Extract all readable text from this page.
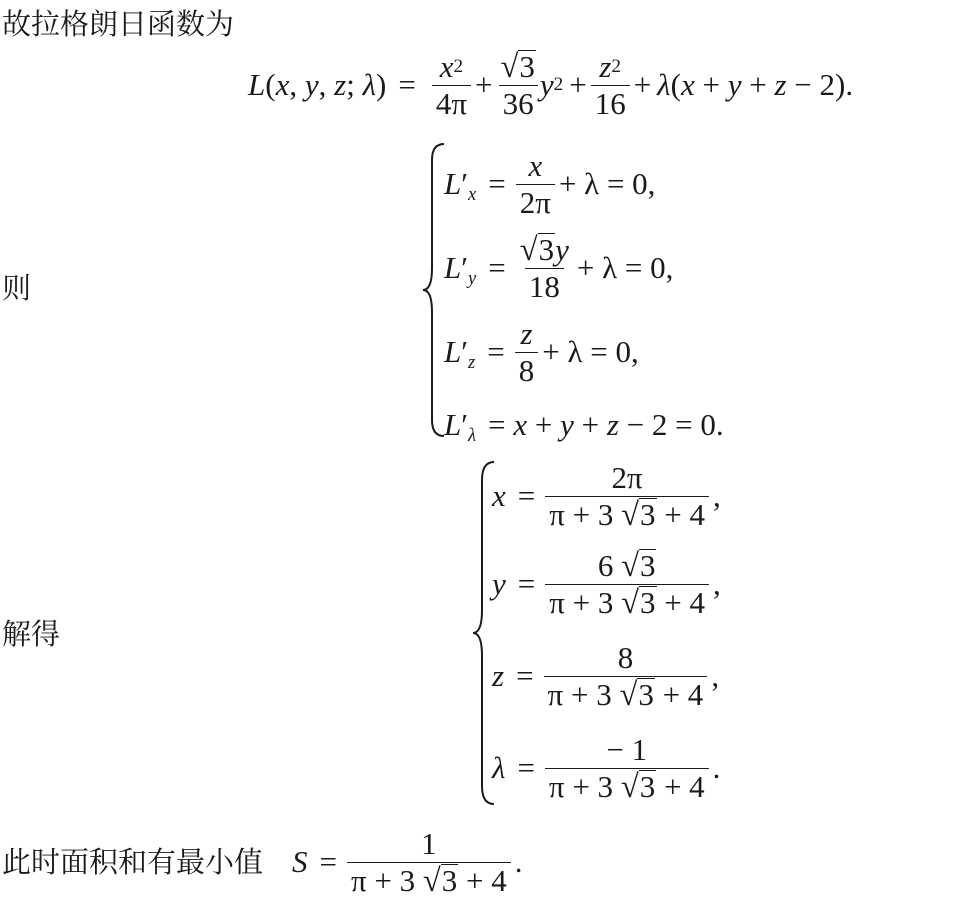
故拉格朗日函数为
L(x, y, z; $\lambda) = \frac{x^2}{4\pi} + \frac{√ 3}{36} y^2 + \frac{z^2}{16} + \lambda(x + y + z - 2)$.
则
$L'_x = \frac{x}{2\pi} + \lambda = 0$,
$L'_y = \frac{√ 3 y}{18} + \lambda = 0$,
$L'_z = \frac{z}{8} + \lambda = 0$,
$L'_\lambda = x + y + z - 2 = 0$.
解得
$x = \frac{2\pi}{\pi + 3 √ 3 + 4}$ ,
$y = \frac{6 √ 3}{\pi + 3 √ 3 + 4}$ ,
$z = \frac{8}{\pi + 3 √ 3 + 4}$ ,
$\lambda = \frac{- 1}{\pi + 3 √ 3 + 4}$ .
此时面积和有最小值 $S = \frac{1}{\pi + 3 √ 3 + 4}$ .
